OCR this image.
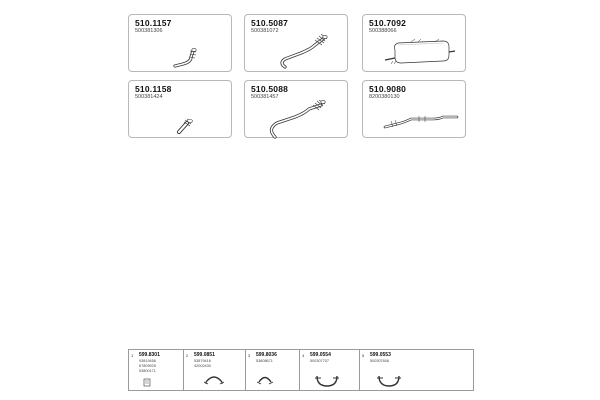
510.1157
500381306
510.5087
500381072
510.7092
500388066
510.1158
500381424
510.5088
500381457
510.9080
8200380130
1 599.8301
93819456
67809925
53800171
2 599.0851
53879416
42002430
3 599.8036
53808671
4 599.0554
500307707
5 599.0553
500307606
